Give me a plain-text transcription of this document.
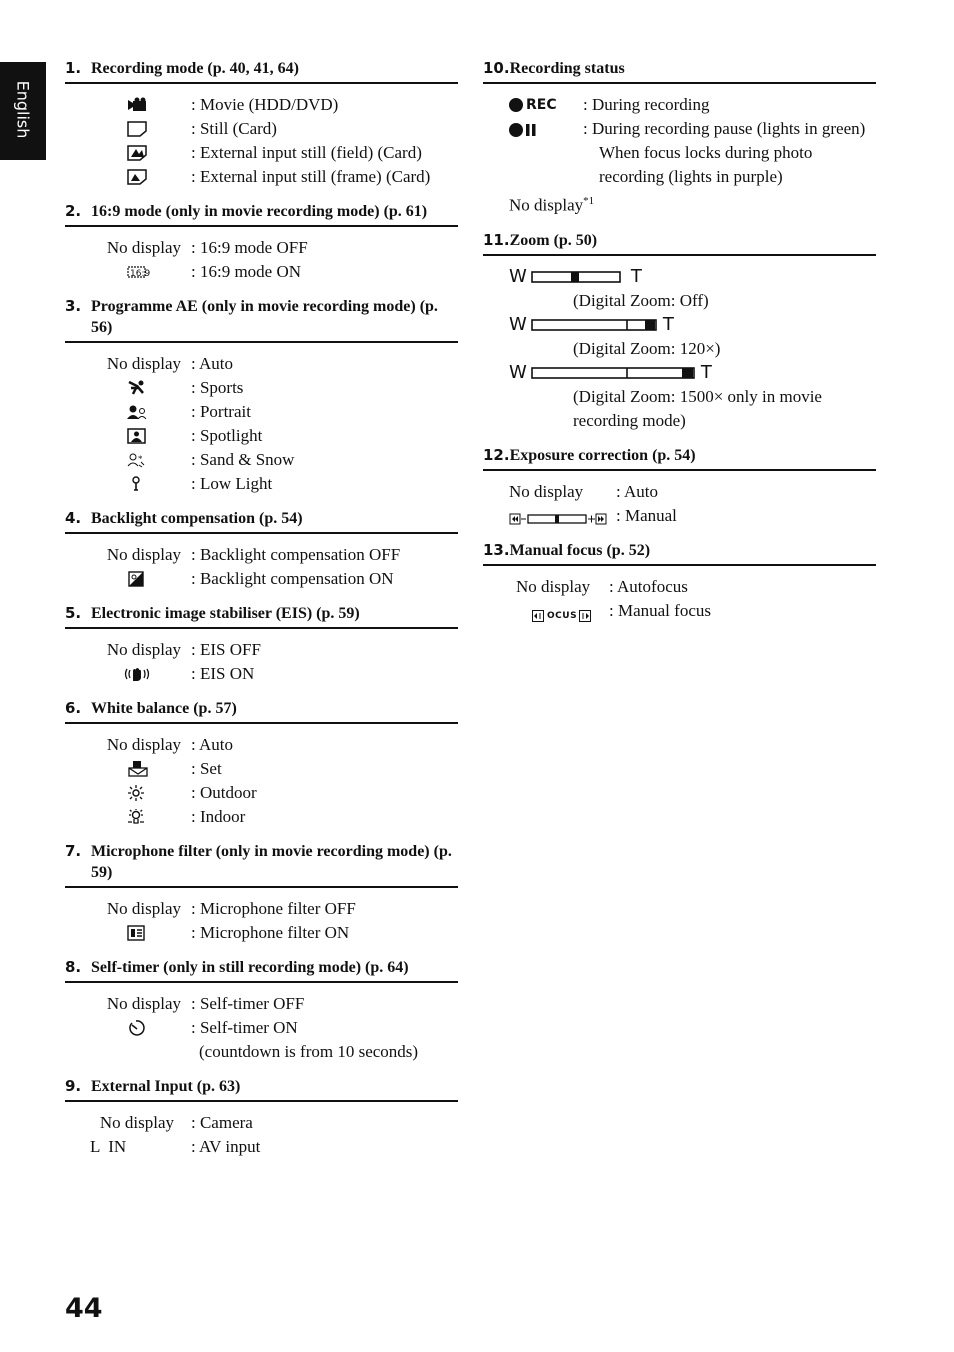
English
1. Recording mode (p. 40, 41, 64)
: Movie (HDD/DVD)
: Still (Card)
: External input still (field) (Card)
: External input still (frame) (Card)
2. 16:9 mode (only in movie recording mode) (p. 61)
No display : 16:9 mode OFF
16:9 : 16:9 mode ON
3. Programme AE (only in movie recording mode) (p. 56)
No display : Auto
: Sports
: Portrait
: Spotlight
*	: Sand & Snow
: Low Light
4. Backlight compensation (p. 54)
No display : Backlight compensation OFF
: Backlight compensation ON
5. Electronic image stabiliser (EIS) (p. 59)
No display : EIS OFF
: EIS ON
6. White balance (p. 57)
No display : Auto
: Set
: Outdoor
: Indoor
7. Microphone filter (only in movie recording mode) (p. 59)
No display : Microphone filter OFF
: Microphone filter ON
8. Self-timer (only in still recording mode) (p. 64)
No display : Self-timer OFF
: Self-timer ON
(countdown is from 10 seconds)
9. External Input (p. 63)
No display : Camera
L  IN	: AV input
10. Recording status
REC : During recording
: During recording pause (lights in green)
When focus locks during photo recording (lights in purple)
No display$^{*1}$
11. Zoom (p. 50)
W	T
(Digital Zoom: Off)
W	T
(Digital Zoom: 120×)
W	T
(Digital Zoom: 1500× only in movie recording mode)
12. Exposure correction (p. 54)
No display	: Auto
: Manual
13. Manual focus (p. 52)
No display	: Autofocus
OCUS : Manual focus
44
